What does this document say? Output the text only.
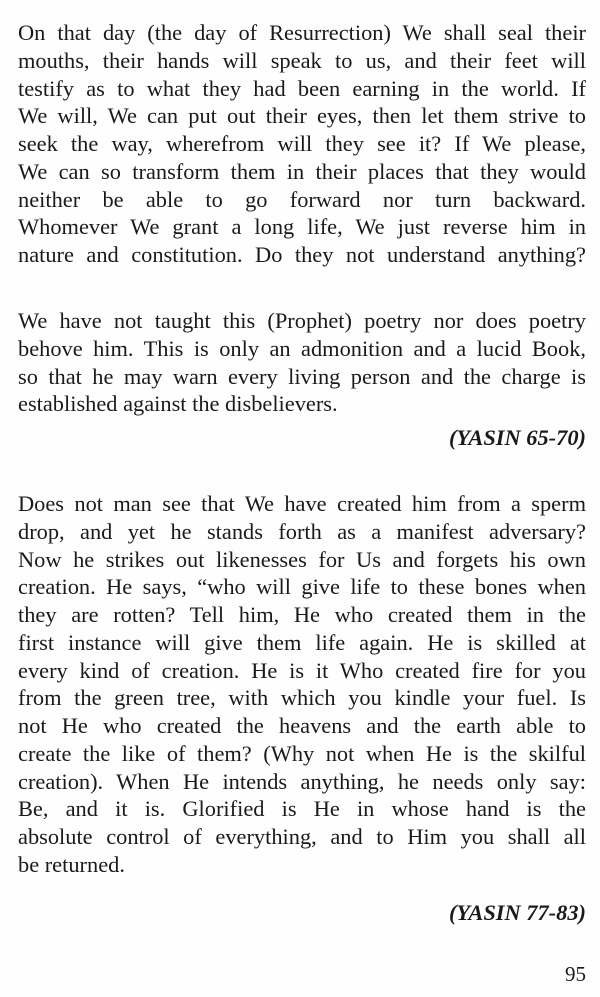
On that day (the day of Resurrection) We shall seal their
mouths, their hands will speak to us, and their feet will
testify as to what they had been earning in the world. If
We will, We can put out their eyes, then let them strive to
seek the way, wherefrom will they see it? If We please,
We can so transform them in their places that they would
neither be able to go forward nor turn backward.
Whomever We grant a long life, We just reverse him in
nature and constitution. Do they not understand anything?
We have not taught this (Prophet) poetry nor does poetry
behove him. This is only an admonition and a lucid Book,
so that he may warn every living person and the charge is
established against the disbelievers.
(YASIN 65-70)
Does not man see that We have created him from a sperm
drop, and yet he stands forth as a manifest adversary?
Now he strikes out likenesses for Us and forgets his own
creation. He says, “who will give life to these bones when
they are rotten? Tell him, He who created them in the
first instance will give them life again. He is skilled at
every kind of creation. He is it Who created fire for you
from the green tree, with which you kindle your fuel. Is
not He who created the heavens and the earth able to
create the like of them? (Why not when He is the skilful
creation). When He intends anything, he needs only say:
Be, and it is. Glorified is He in whose hand is the
absolute control of everything, and to Him you shall all
be returned.
(YASIN 77-83)
95
